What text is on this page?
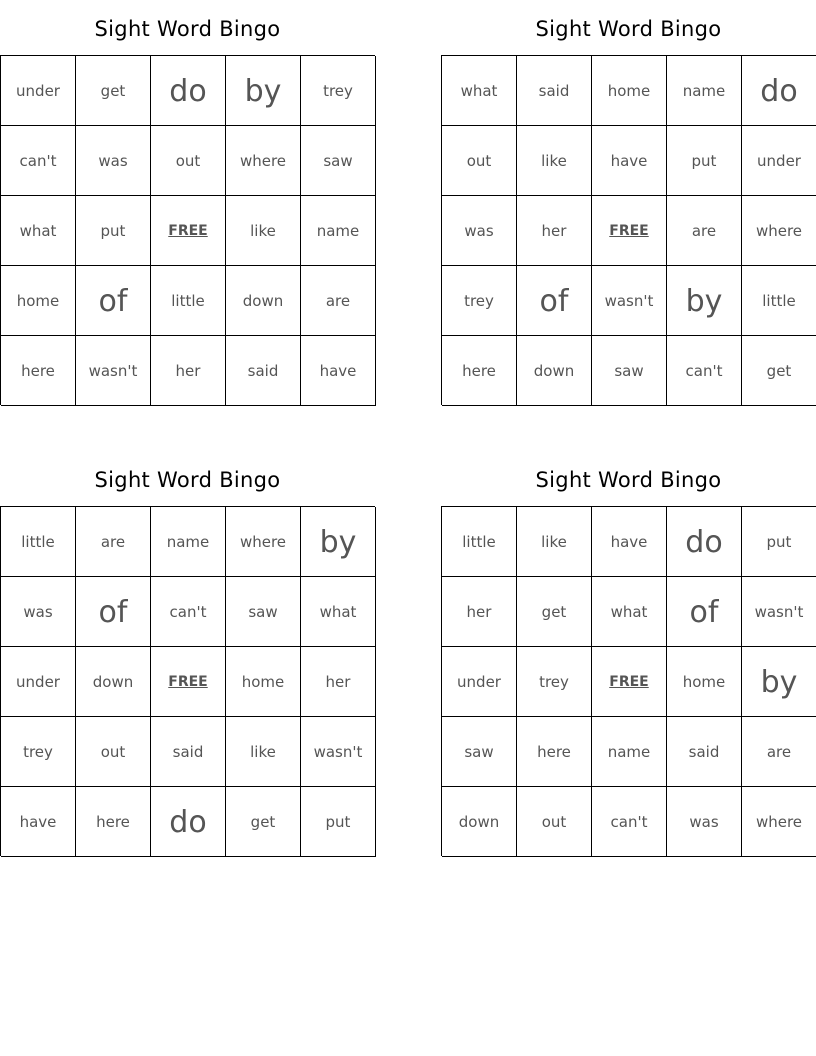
Sight Word Bingo
under	get	do	by	trey
can't	was	out	where	saw
what	put	FREE	like	name
home	of	little	down	are
here	wasn't	her	said	have
Sight Word Bingo
what	said	home	name	do
out	like	have	put	under
was	her	FREE	are	where
trey	of	wasn't	by	little
here	down	saw	can't	get
Sight Word Bingo
little	are	name	where	by
was	of	can't	saw	what
under	down	FREE	home	her
trey	out	said	like	wasn't
have	here	do	get	put
Sight Word Bingo
little	like	have	do	put
her	get	what	of	wasn't
under	trey	FREE	home	by
saw	here	name	said	are
down	out	can't	was	where
